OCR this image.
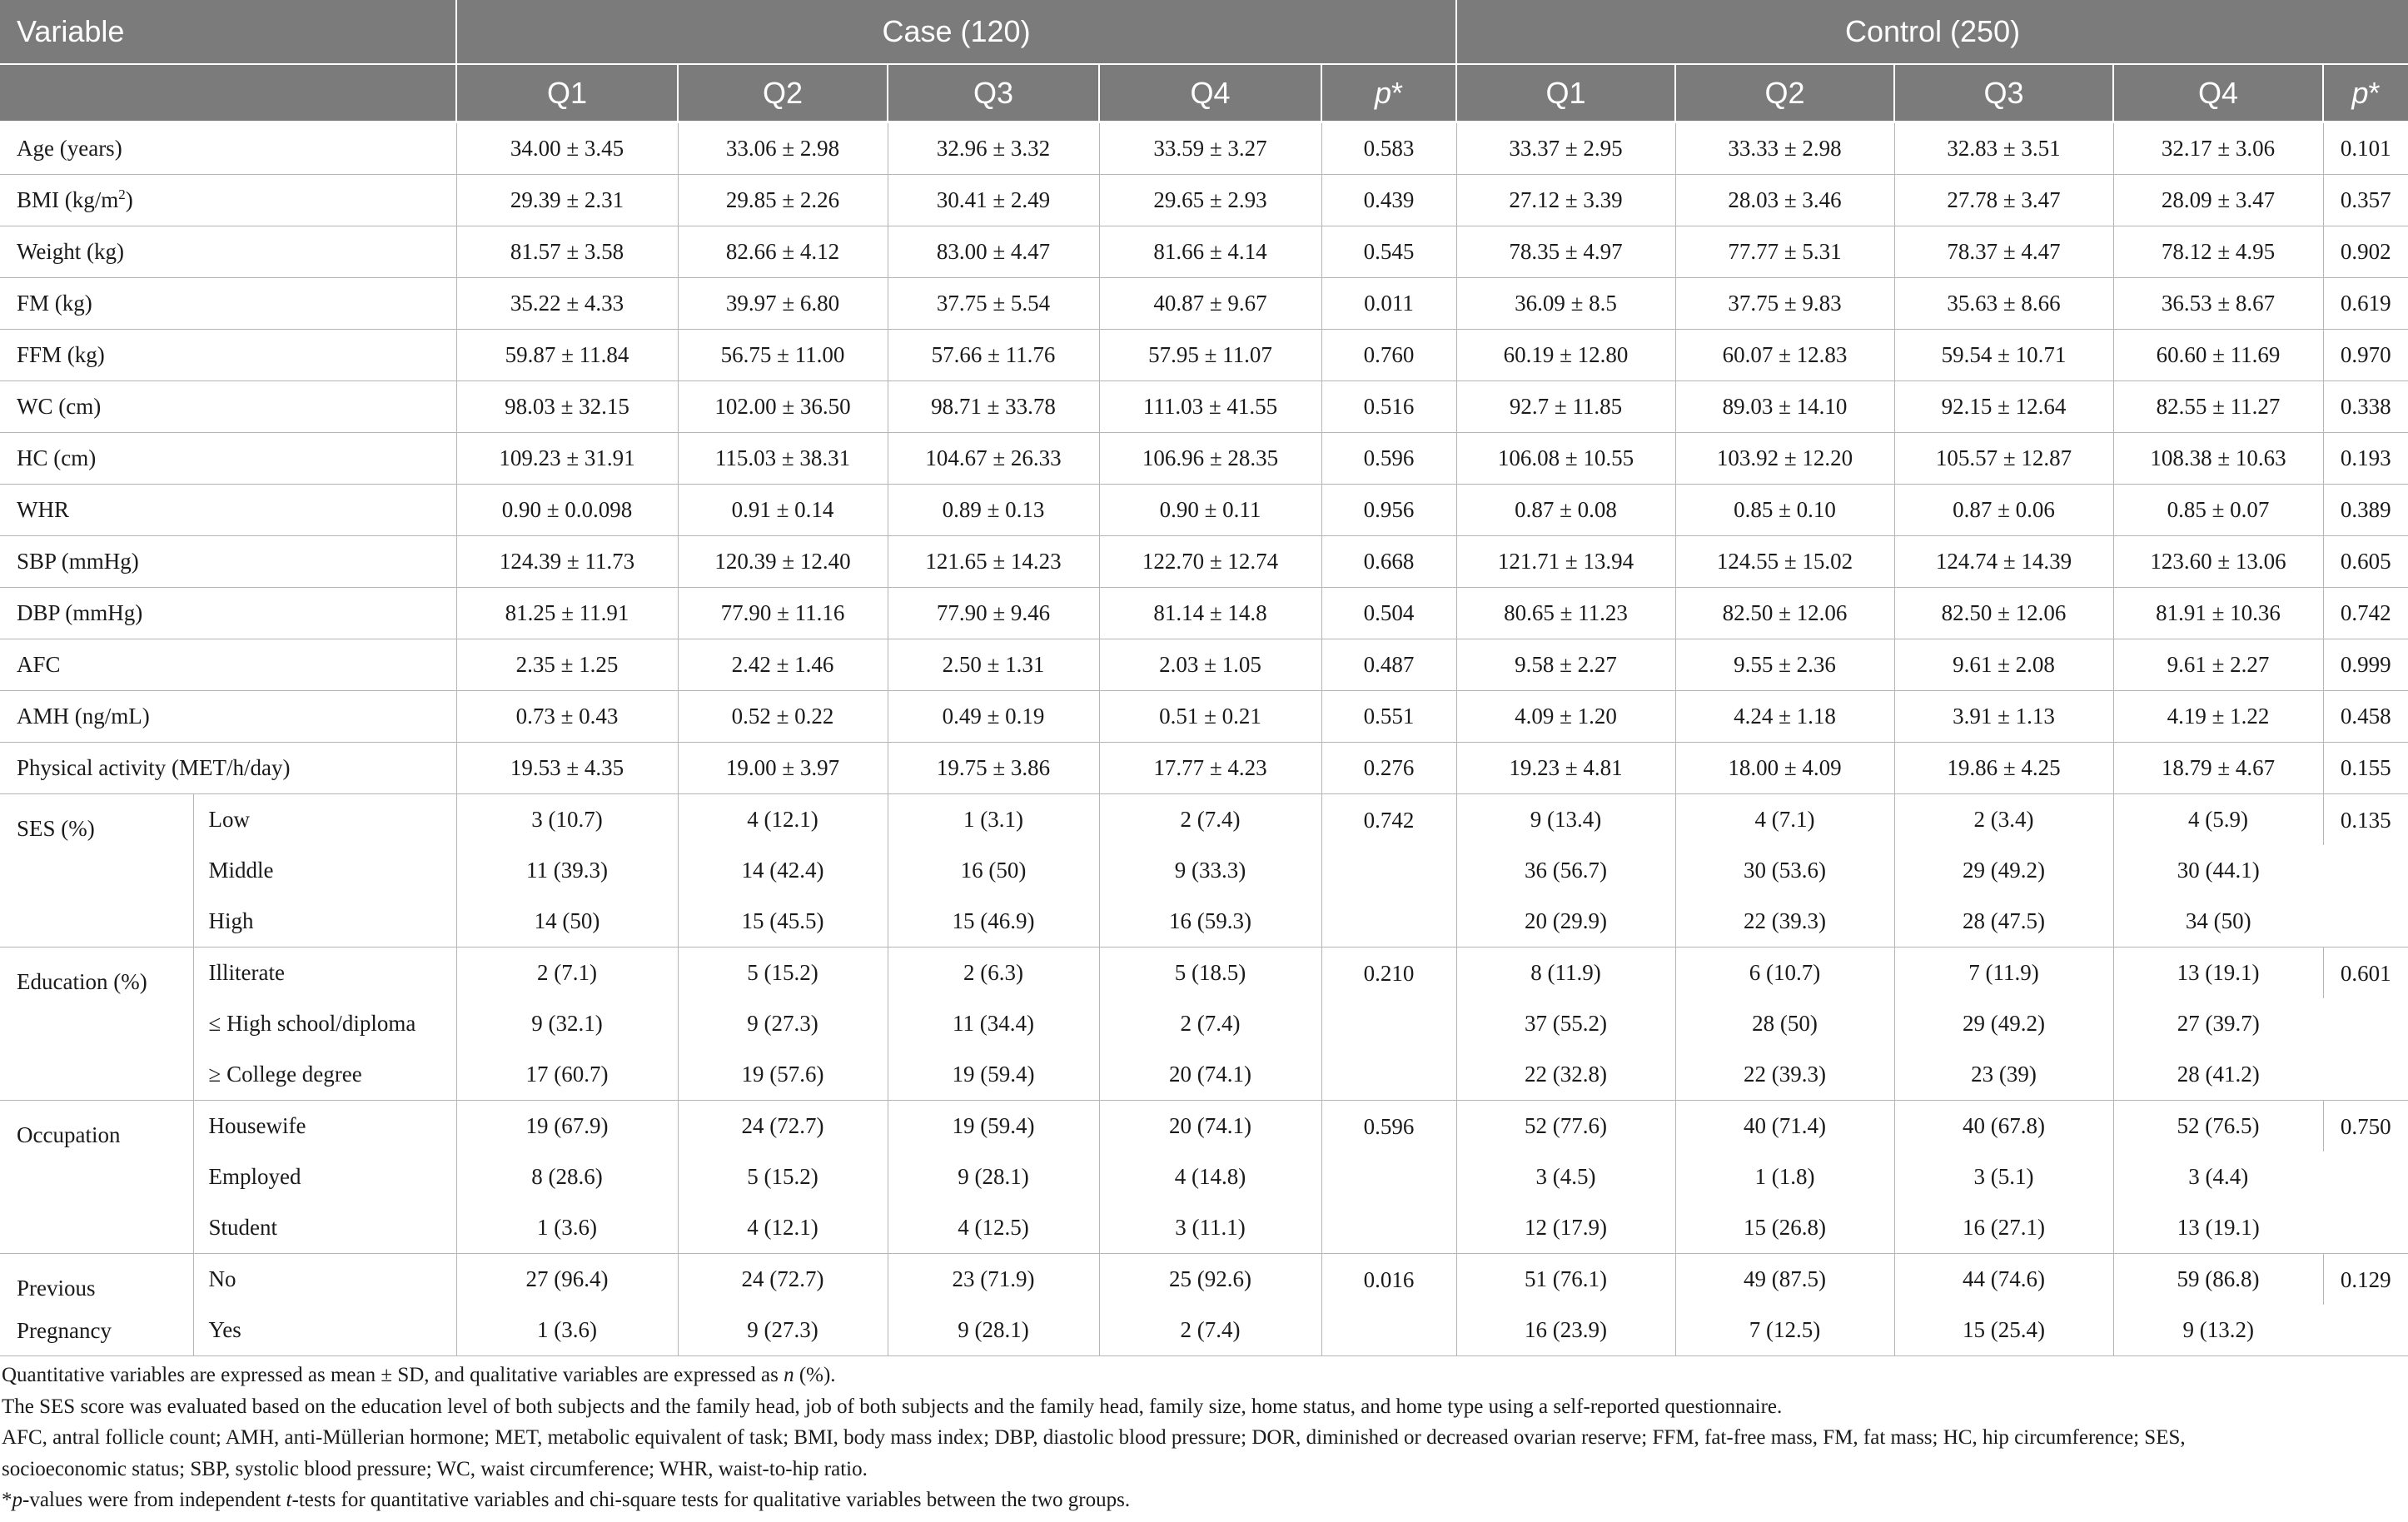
Variable		Case (120)					Control (250)				
		Q1	Q2	Q3	Q4	p*	Q1	Q2	Q3	Q4	p*
Age (years)		34.00 ± 3.45	33.06 ± 2.98	32.96 ± 3.32	33.59 ± 3.27	0.583	33.37 ± 2.95	33.33 ± 2.98	32.83 ± 3.51	32.17 ± 3.06	0.101
BMI $(kg/m^2)$		29.39 ± 2.31	29.85 ± 2.26	30.41 ± 2.49	29.65 ± 2.93	0.439	27.12 ± 3.39	28.03 ± 3.46	27.78 ± 3.47	28.09 ± 3.47	0.357
Weight (kg)		81.57 ± 3.58	82.66 ± 4.12	83.00 ± 4.47	81.66 ± 4.14	0.545	78.35 ± 4.97	77.77 ± 5.31	78.37 ± 4.47	78.12 ± 4.95	0.902
FM (kg)		35.22 ± 4.33	39.97 ± 6.80	37.75 ± 5.54	40.87 ± 9.67	0.011	36.09 ± 8.5	37.75 ± 9.83	35.63 ± 8.66	36.53 ± 8.67	0.619
FFM (kg)		59.87 ± 11.84	56.75 ± 11.00	57.66 ± 11.76	57.95 ± 11.07	0.760	60.19 ± 12.80	60.07 ± 12.83	59.54 ± 10.71	60.60 ± 11.69	0.970
WC (cm)		98.03 ± 32.15	102.00 ± 36.50	98.71 ± 33.78	111.03 ± 41.55	0.516	92.7 ± 11.85	89.03 ± 14.10	92.15 ± 12.64	82.55 ± 11.27	0.338
HC (cm)		109.23 ± 31.91	115.03 ± 38.31	104.67 ± 26.33	106.96 ± 28.35	0.596	106.08 ± 10.55	103.92 ± 12.20	105.57 ± 12.87	108.38 ± 10.63	0.193
WHR		0.90 ± 0.0.098	0.91 ± 0.14	0.89 ± 0.13	0.90 ± 0.11	0.956	0.87 ± 0.08	0.85 ± 0.10	0.87 ± 0.06	0.85 ± 0.07	0.389
SBP (mmHg)		124.39 ± 11.73	120.39 ± 12.40	121.65 ± 14.23	122.70 ± 12.74	0.668	121.71 ± 13.94	124.55 ± 15.02	124.74 ± 14.39	123.60 ± 13.06	0.605
DBP (mmHg)		81.25 ± 11.91	77.90 ± 11.16	77.90 ± 9.46	81.14 ± 14.8	0.504	80.65 ± 11.23	82.50 ± 12.06	82.50 ± 12.06	81.91 ± 10.36	0.742
AFC		2.35 ± 1.25	2.42 ± 1.46	2.50 ± 1.31	2.03 ± 1.05	0.487	9.58 ± 2.27	9.55 ± 2.36	9.61 ± 2.08	9.61 ± 2.27	0.999
AMH (ng/mL)		0.73 ± 0.43	0.52 ± 0.22	0.49 ± 0.19	0.51 ± 0.21	0.551	4.09 ± 1.20	4.24 ± 1.18	3.91 ± 1.13	4.19 ± 1.22	0.458
Physical activity (MET/h/day)		19.53 ± 4.35	19.00 ± 3.97	19.75 ± 3.86	17.77 ± 4.23	0.276	19.23 ± 4.81	18.00 ± 4.09	19.86 ± 4.25	18.79 ± 4.67	0.155
SES (%)	Low	3 (10.7)	4 (12.1)	1 (3.1)	2 (7.4)	0.742	9 (13.4)	4 (7.1)	2 (3.4)	4 (5.9)	0.135
	Middle	11 (39.3)	14 (42.4)	16 (50)	9 (33.3)		36 (56.7)	30 (53.6)	29 (49.2)	30 (44.1)	
	High	14 (50)	15 (45.5)	15 (46.9)	16 (59.3)		20 (29.9)	22 (39.3)	28 (47.5)	34 (50)	
Education (%)	Illiterate	2 (7.1)	5 (15.2)	2 (6.3)	5 (18.5)	0.210	8 (11.9)	6 (10.7)	7 (11.9)	13 (19.1)	0.601
	≤ High school/diploma	9 (32.1)	9 (27.3)	11 (34.4)	2 (7.4)		37 (55.2)	28 (50)	29 (49.2)	27 (39.7)	
	≥ College degree	17 (60.7)	19 (57.6)	19 (59.4)	20 (74.1)		22 (32.8)	22 (39.3)	23 (39)	28 (41.2)	
Occupation	Housewife	19 (67.9)	24 (72.7)	19 (59.4)	20 (74.1)	0.596	52 (77.6)	40 (71.4)	40 (67.8)	52 (76.5)	0.750
	Employed	8 (28.6)	5 (15.2)	9 (28.1)	4 (14.8)		3 (4.5)	1 (1.8)	3 (5.1)	3 (4.4)	
	Student	1 (3.6)	4 (12.1)	4 (12.5)	3 (11.1)		12 (17.9)	15 (26.8)	16 (27.1)	13 (19.1)	
Previous Pregnancy	No	27 (96.4)	24 (72.7)	23 (71.9)	25 (92.6)	0.016	51 (76.1)	49 (87.5)	44 (74.6)	59 (86.8)	0.129
	Yes	1 (3.6)	9 (27.3)	9 (28.1)	2 (7.4)		16 (23.9)	7 (12.5)	15 (25.4)	9 (13.2)	
Quantitative variables are expressed as mean ± SD, and qualitative variables are expressed as n (%).
The SES score was evaluated based on the education level of both subjects and the family head, job of both subjects and the family head, family size, home status, and home type using a self-reported questionnaire.
AFC, antral follicle count; AMH, anti-Müllerian hormone; MET, metabolic equivalent of task; BMI, body mass index; DBP, diastolic blood pressure; DOR, diminished or decreased ovarian reserve; FFM, fat-free mass, FM, fat mass; HC, hip circumference; SES,
socioeconomic status; SBP, systolic blood pressure; WC, waist circumference; WHR, waist-to-hip ratio.
*p-values were from independent t-tests for quantitative variables and chi-square tests for qualitative variables between the two groups.
